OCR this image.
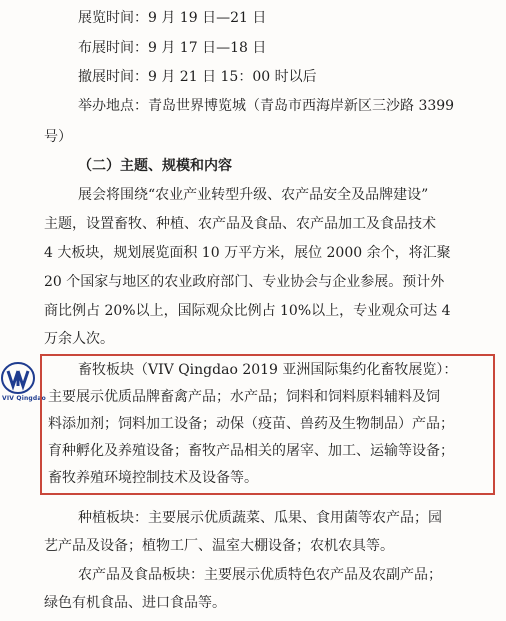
展览时间：9 月 19 日—21 日
布展时间：9 月 17 日—18 日
撤展时间：9 月 21 日 15：00 时以后
举办地点：青岛世界博览城（青岛市西海岸新区三沙路 3399
号）
（二）主题、规模和内容
展会将围绕“农业产业转型升级、农产品安全及品牌建设”
主题，设置畜牧、种植、农产品及食品、农产品加工及食品技术
4 大板块，规划展览面积 10 万平方米，展位 2000 余个，将汇聚
20 个国家与地区的农业政府部门、专业协会与企业参展。预计外
商比例占 20%以上，国际观众比例占 10%以上，专业观众可达 4
万余人次。
VIV Qingdao
畜牧板块（VIV Qingdao 2019 亚洲国际集约化畜牧展览）：
主要展示优质品牌畜禽产品；水产品；饲料和饲料原料辅料及饲
料添加剂；饲料加工设备；动保（疫苗、兽药及生物制品）产品；
育种孵化及养殖设备；畜牧产品相关的屠宰、加工、运输等设备；
畜牧养殖环境控制技术及设备等。
种植板块：主要展示优质蔬菜、瓜果、食用菌等农产品；园
艺产品及设备；植物工厂、温室大棚设备；农机农具等。
农产品及食品板块：主要展示优质特色农产品及农副产品；
绿色有机食品、进口食品等。
